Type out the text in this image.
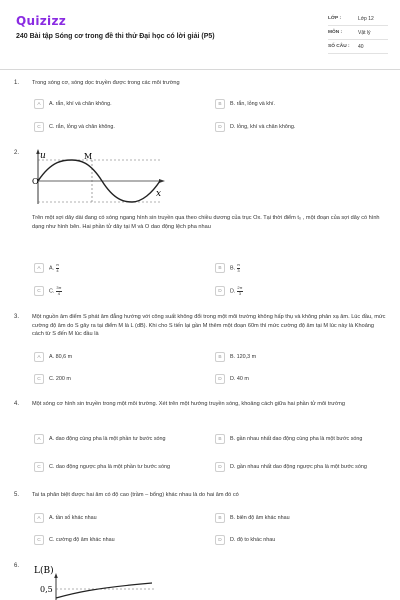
Quizizz
240 Bài tập Sóng cơ trong đề thi thử Đại học có lời giải (P5)
LỚP :	Lớp 12
MÔN :	Vật lý
SỐ CÂU :	40
1. Trong sóng cơ, sóng dọc truyền được trong các môi trường
A	A. rắn, khí và chân không.	B	B. rắn, lỏng và khí.
C	C. rắn, lỏng và chân không.	D	D. lỏng, khí và chân không.
2. u
O
x
M
Trên một sợi dây dài đang có sóng ngang hình sin truyền qua theo chiều dương của trục Ox. Tại thời điểm t₀ , một đoạn của sợi dây có hình dạng như hình bên. Hai phần tử dây tại M và O dao động lệch pha nhau
A	A. $\frac{\pi}{4}$	B	B. $\frac{\pi}{3}$
C	C. $\frac{3\pi}{4}$	D	D. $\frac{2\pi}{3}$
3. Một nguồn âm điểm S phát âm đẳng hướng với công suất không đổi trong một môi trường không hấp thụ và không phản xạ âm. Lúc đầu, mức cường độ âm do S gây ra tại điểm M là L (dB). Khi cho S tiến lại gần M thêm một đoạn 60m thì mức cường độ âm tại M lúc này là Khoảng cách từ S đến M lúc đầu là
A	A. 80,6 m	B	B. 120,3 m
C	C. 200 m	D	D. 40 m
4. Một sóng cơ hình sin truyền trong một môi trường. Xét trên một hướng truyền sóng, khoảng cách giữa hai phần tử môi trường
A	A. dao động cùng pha là một phần tư bước sóng	B	B. gần nhau nhất dao động cùng pha là một bước sóng
C	C. dao động ngược pha là một phần tư bước sóng	D	D. gần nhau nhất dao động ngược pha là một bước sóng
5. Tai ta phân biệt được hai âm có độ cao (trầm – bổng) khác nhau là do hai âm đó có
A	A. tần số khác nhau	B	B. biên độ âm khác nhau
C	C. cường độ âm khác nhau	D	D. độ to khác nhau
6. L(B)
0,5
